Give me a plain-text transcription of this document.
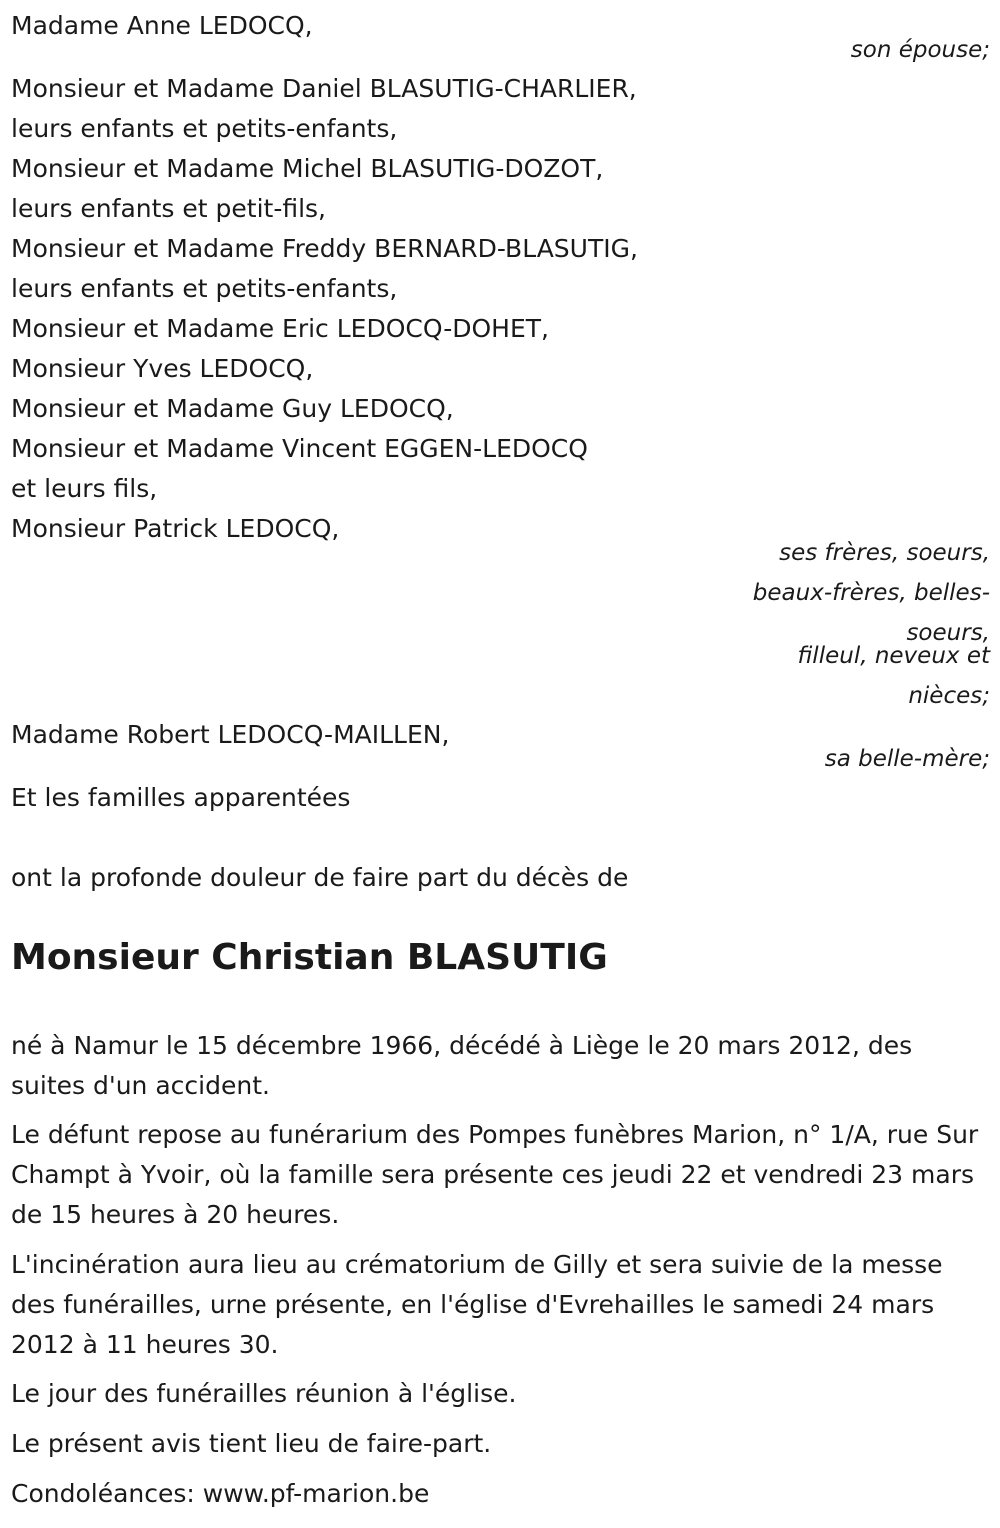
Madame Anne LEDOCQ,
son épouse;
Monsieur et Madame Daniel BLASUTIG-CHARLIER,
leurs enfants et petits-enfants,
Monsieur et Madame Michel BLASUTIG-DOZOT,
leurs enfants et petit-fils,
Monsieur et Madame Freddy BERNARD-BLASUTIG,
leurs enfants et petits-enfants,
Monsieur et Madame Eric LEDOCQ-DOHET,
Monsieur Yves LEDOCQ,
Monsieur et Madame Guy LEDOCQ,
Monsieur et Madame Vincent EGGEN-LEDOCQ
et leurs fils,
Monsieur Patrick LEDOCQ,
ses frères, soeurs,
beaux-frères, belles-soeurs,
filleul, neveux et nièces;
Madame Robert LEDOCQ-MAILLEN,
sa belle-mère;
Et les familles apparentées
ont la profonde douleur de faire part du décès de
Monsieur Christian BLASUTIG
né à Namur le 15 décembre 1966, décédé à Liège le 20 mars 2012, des suites d'un accident.
Le défunt repose au funérarium des Pompes funèbres Marion, n° 1/A, rue Sur Champt à Yvoir, où la famille sera présente ces jeudi 22 et vendredi 23 mars de 15 heures à 20 heures.
L'incinération aura lieu au crématorium de Gilly et sera suivie de la messe des funérailles, urne présente, en l'église d'Evrehailles le samedi 24 mars 2012 à 11 heures 30.
Le jour des funérailles réunion à l'église.
Le présent avis tient lieu de faire-part.
Condoléances: www.pf-marion.be
